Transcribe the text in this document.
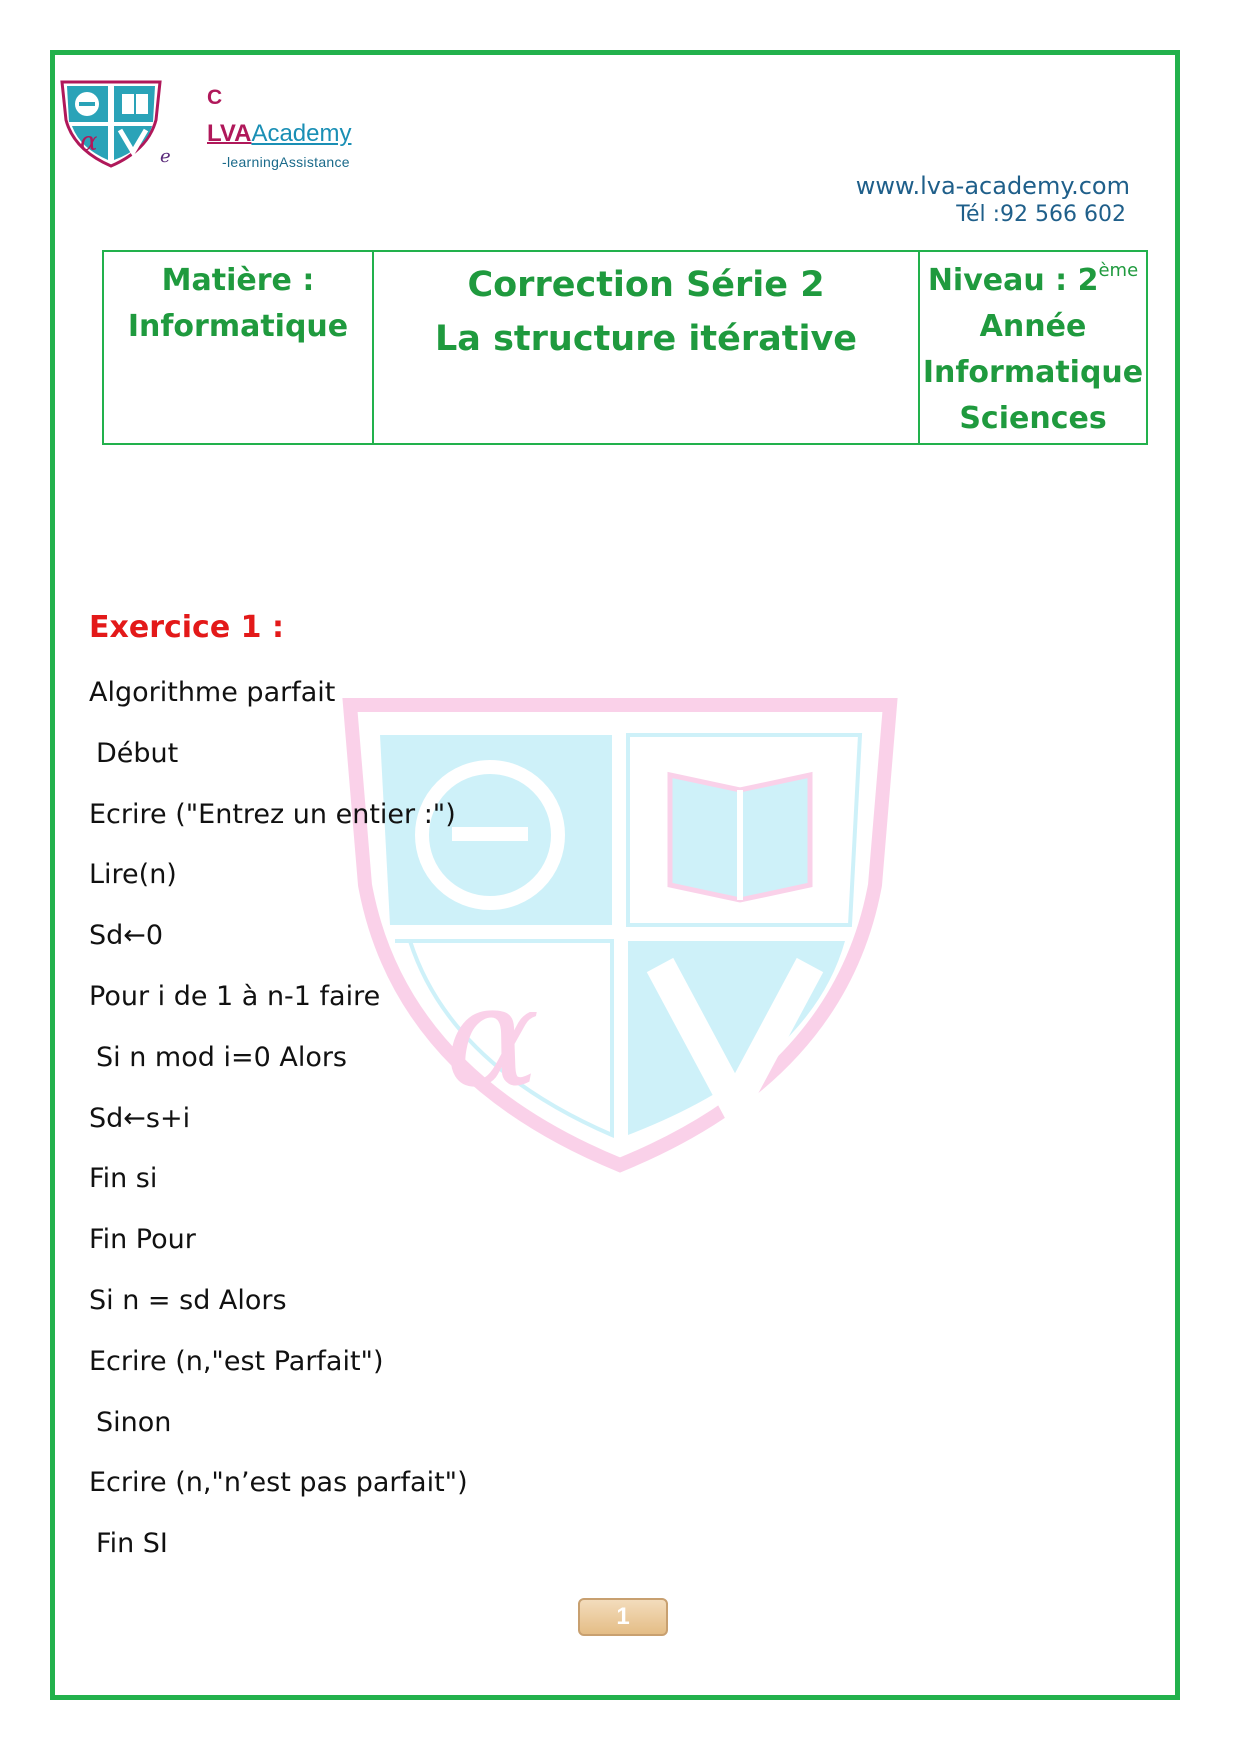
α	e
C
LVAAcademy
-learningAssistance
www.lva-academy.com
Tél :92 566 602
Matière :
Informatique

Correction Série 2
La structure itérative

Niveau : 2ème
Année
Informatique
Sciences
α
Exercice 1 :
Algorithme parfait
Début
Ecrire ("Entrez un entier :")
Lire(n)
Sd←0
Pour i de 1 à n-1 faire
Si n mod i=0 Alors
Sd←s+i
Fin si
Fin Pour
Si n = sd Alors
Ecrire (n,"est Parfait")
Sinon
Ecrire (n,"n’est pas parfait")
Fin SI
1
